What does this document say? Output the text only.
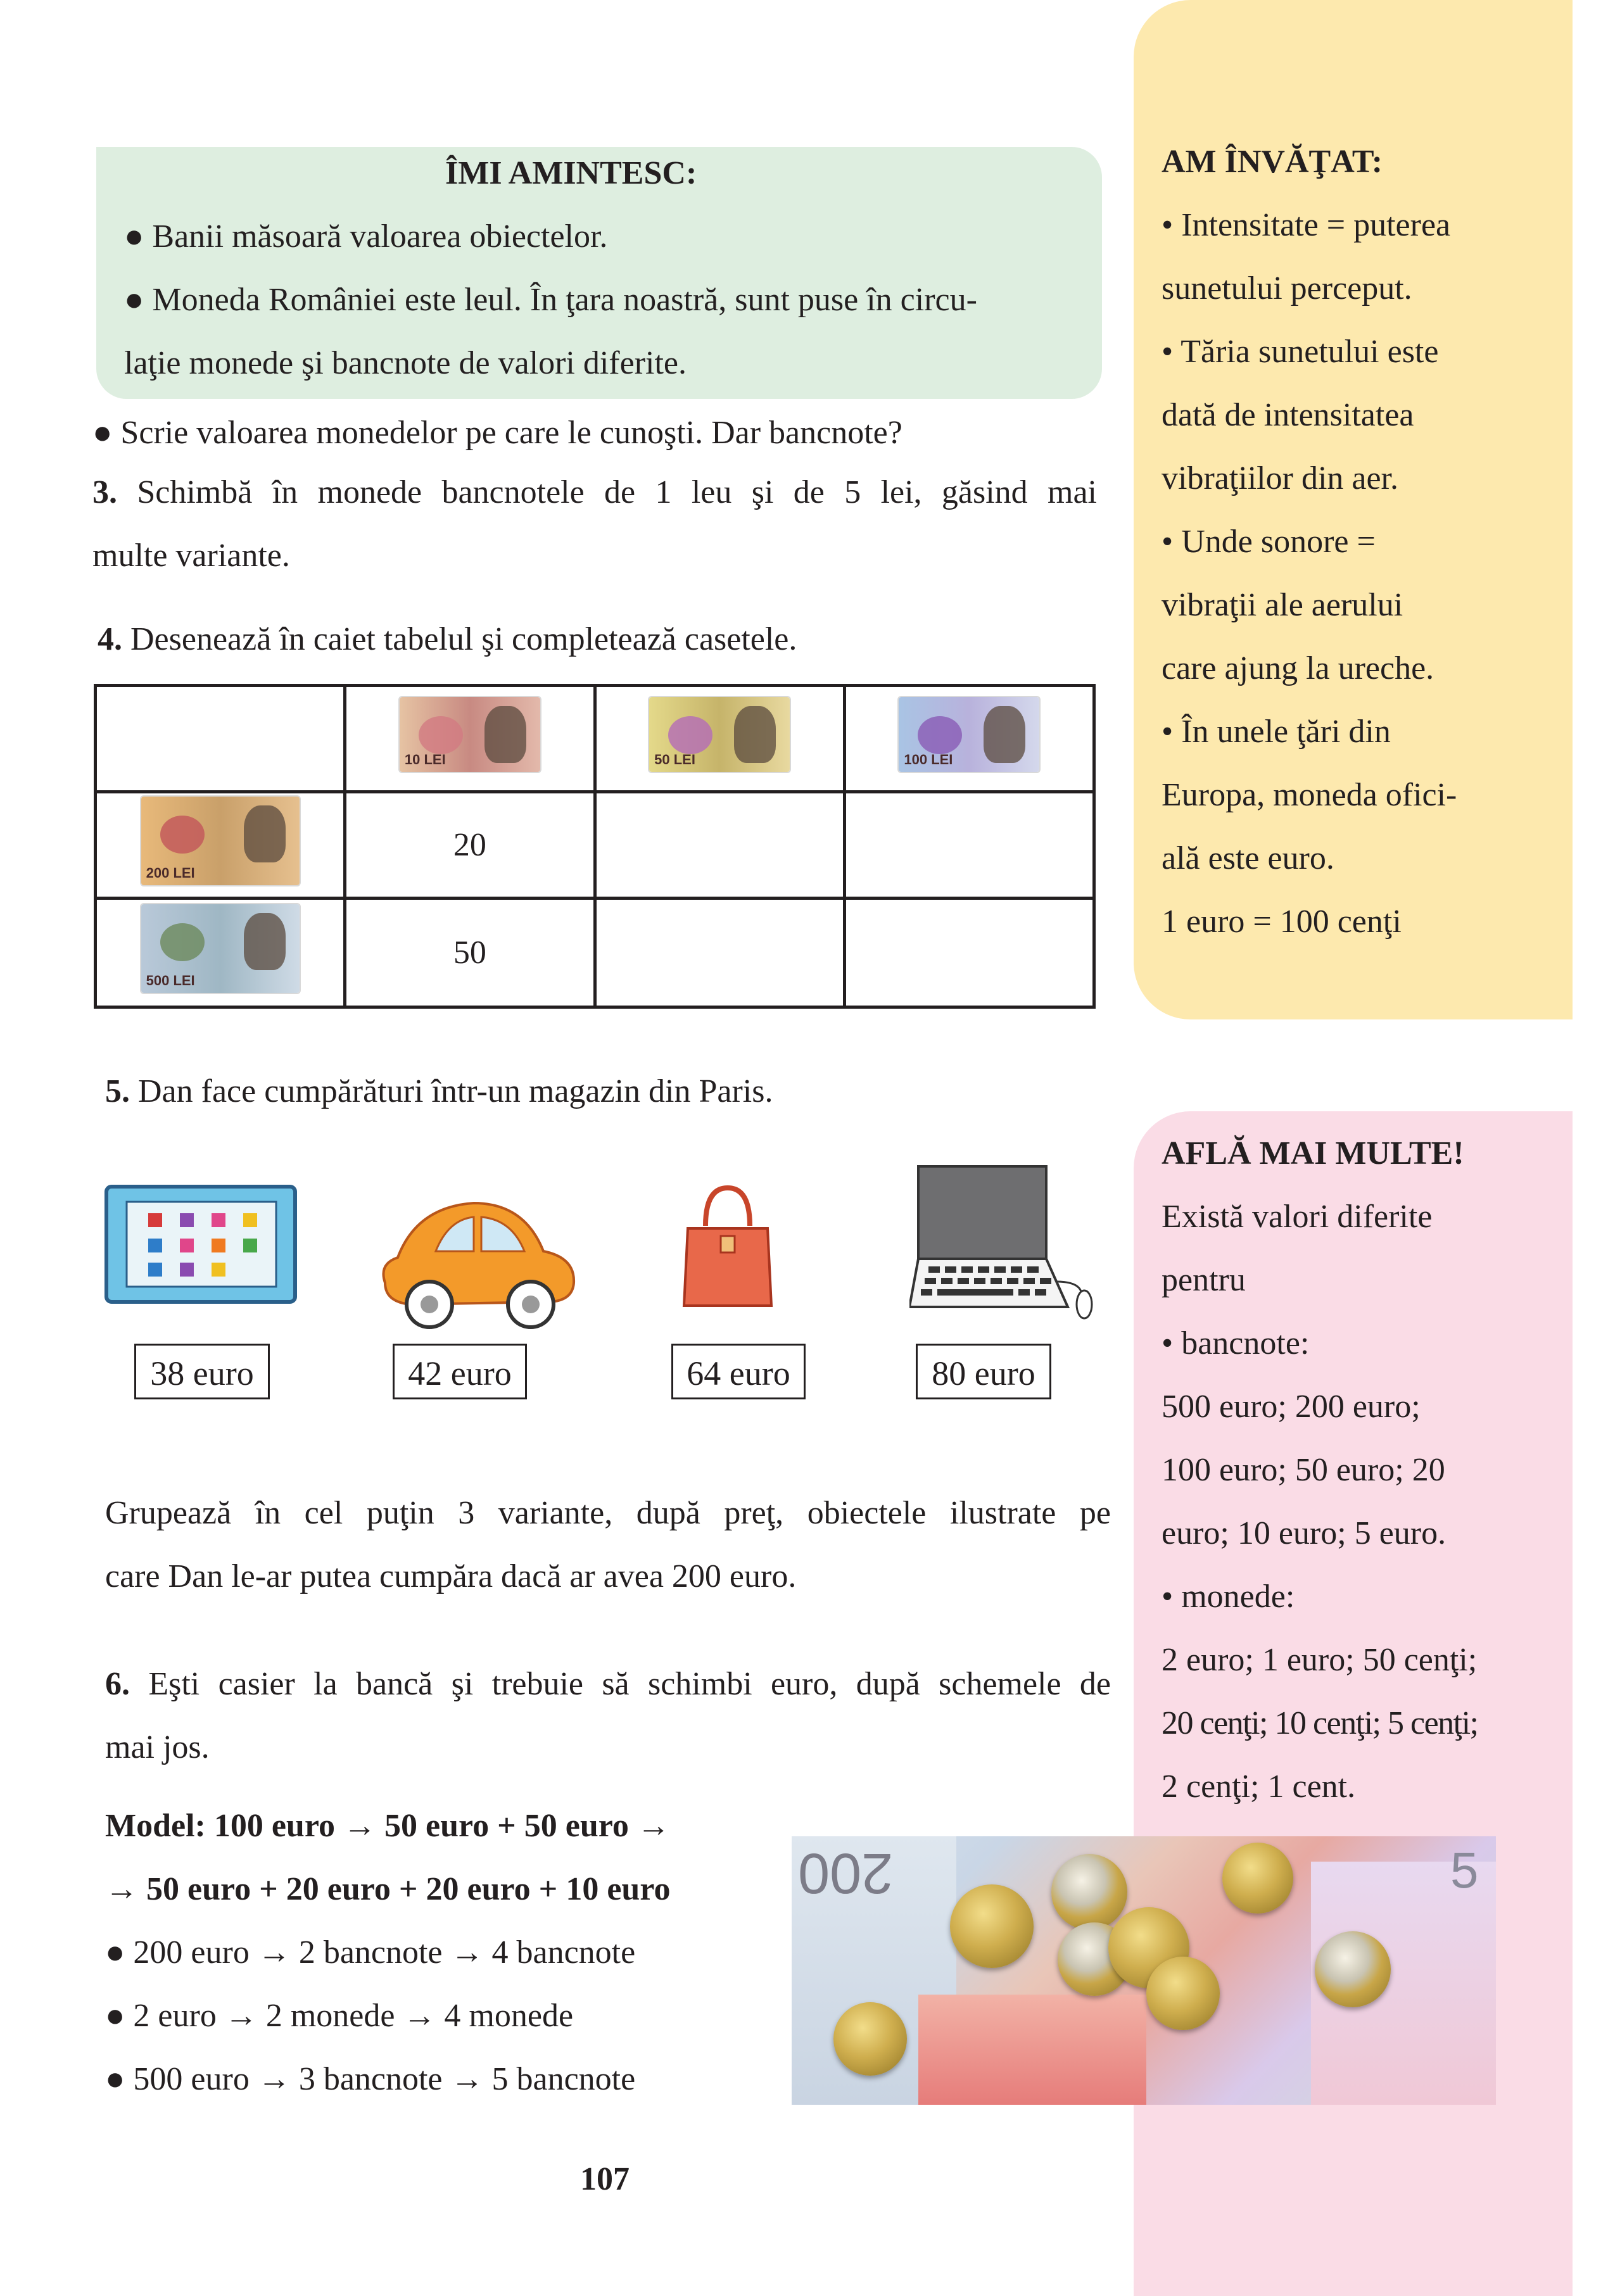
ÎMI AMINTESC:
● Banii măsoară valoarea obiectelor.
● Moneda României este leul. În ţara noastră, sunt puse în circu-
laţie monede şi bancnote de valori diferite.
● Scrie valoarea monedelor pe care le cunoşti. Dar bancnote?
3. Schimbă în monede bancnotele de 1 leu şi de 5 lei, găsind mai
multe variante.
4. Desenează în caiet tabelul şi completează casetele.

	10 LEI	50 LEI	100 LEI

200 LEI	20		

500 LEI	50		
5. Dan face cumpărături într-un magazin din Paris.
38 euro	42 euro	64 euro	80 euro
Grupează în cel puţin 3 variante, după preţ, obiectele ilustrate pe
care Dan le-ar putea cumpăra dacă ar avea 200 euro.
6. Eşti casier la bancă şi trebuie să schimbi euro, după schemele de
mai jos.
Model: 100 euro → 50 euro + 50 euro →
→ 50 euro + 20 euro + 20 euro + 10 euro
● 200 euro → 2 bancnote → 4 bancnote
● 2 euro → 2 monede → 4 monede
● 500 euro → 3 bancnote → 5 bancnote
107
AM ÎNVĂŢAT:
• Intensitate = puterea
sunetului perceput.
• Tăria sunetului este
dată de intensitatea
vibraţiilor din aer.
• Unde sonore =
vibraţii ale aerului
care ajung la ureche.
• În unele ţări din
Europa, moneda ofici-
ală este euro.
1 euro = 100 cenţi
AFLĂ MAI MULTE!
Există valori diferite
pentru
• bancnote:
500 euro; 200 euro;
100 euro; 50 euro; 20
euro; 10 euro; 5 euro.
• monede:
2 euro; 1 euro; 50 cenţi;
20 cenţi; 10 cenţi; 5 cenţi;
2 cenţi; 1 cent.
200	5
